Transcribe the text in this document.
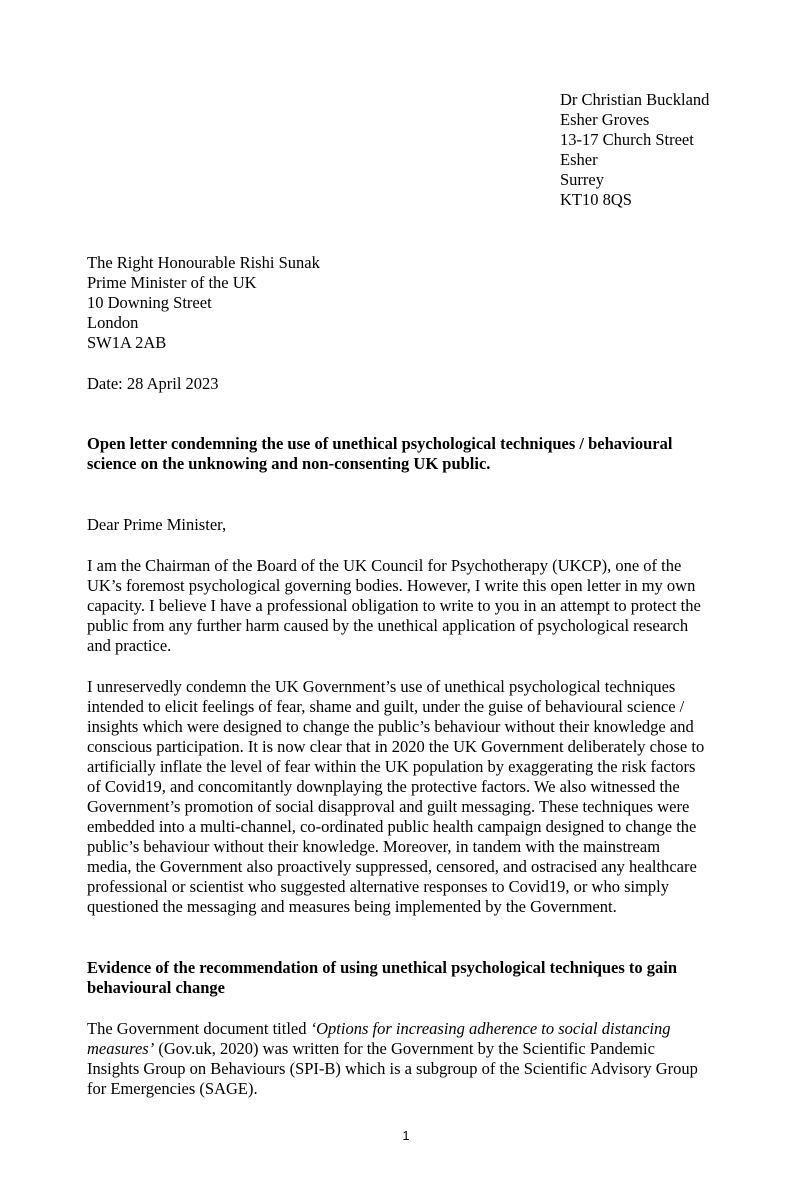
Dr Christian Buckland
Esher Groves
13-17 Church Street
Esher
Surrey
KT10 8QS
The Right Honourable Rishi Sunak
Prime Minister of the UK
10 Downing Street
London
SW1A 2AB
Date: 28 April 2023
Open letter condemning the use of unethical psychological techniques / behavioural
science on the unknowing and non-consenting UK public.
Dear Prime Minister,
I am the Chairman of the Board of the UK Council for Psychotherapy (UKCP), one of the
UK’s foremost psychological governing bodies. However, I write this open letter in my own
capacity. I believe I have a professional obligation to write to you in an attempt to protect the
public from any further harm caused by the unethical application of psychological research
and practice.
I unreservedly condemn the UK Government’s use of unethical psychological techniques
intended to elicit feelings of fear, shame and guilt, under the guise of behavioural science /
insights which were designed to change the public’s behaviour without their knowledge and
conscious participation. It is now clear that in 2020 the UK Government deliberately chose to
artificially inflate the level of fear within the UK population by exaggerating the risk factors
of Covid19, and concomitantly downplaying the protective factors. We also witnessed the
Government’s promotion of social disapproval and guilt messaging. These techniques were
embedded into a multi-channel, co-ordinated public health campaign designed to change the
public’s behaviour without their knowledge. Moreover, in tandem with the mainstream
media, the Government also proactively suppressed, censored, and ostracised any healthcare
professional or scientist who suggested alternative responses to Covid19, or who simply
questioned the messaging and measures being implemented by the Government.
Evidence of the recommendation of using unethical psychological techniques to gain
behavioural change
The Government document titled ‘Options for increasing adherence to social distancing
measures’ (Gov.uk, 2020) was written for the Government by the Scientific Pandemic
Insights Group on Behaviours (SPI-B) which is a subgroup of the Scientific Advisory Group
for Emergencies (SAGE).
1
